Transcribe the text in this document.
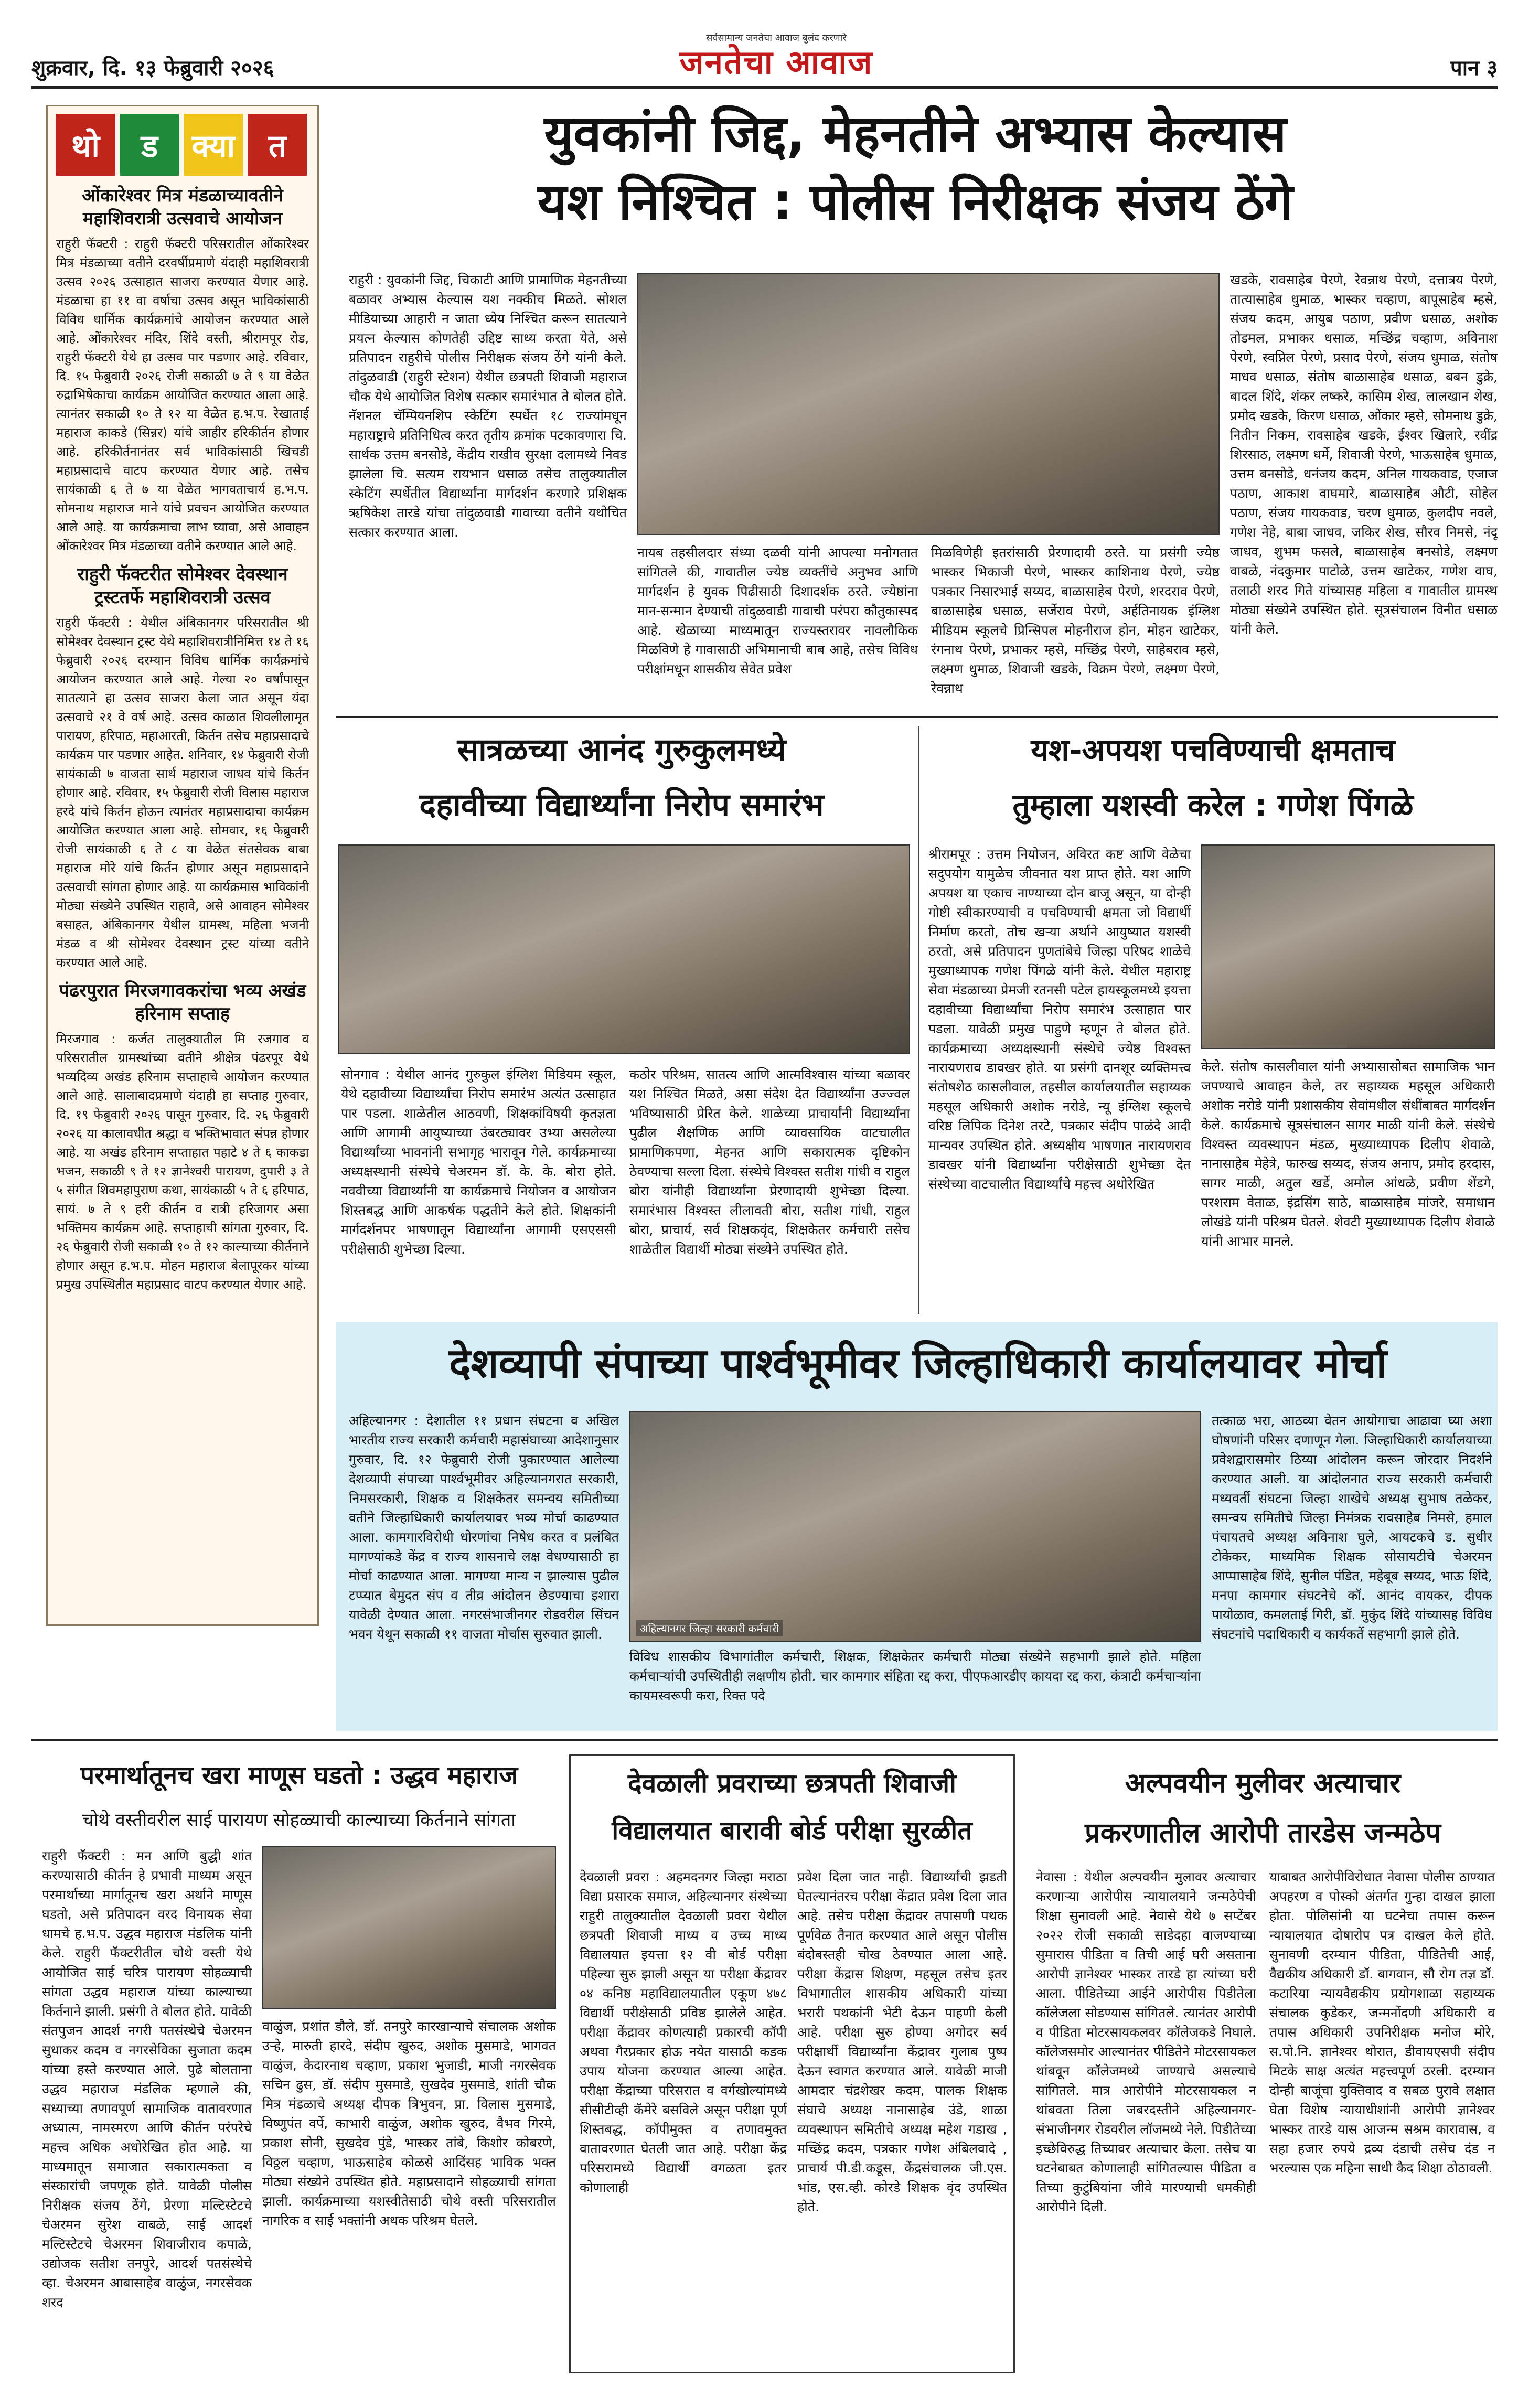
शुक्रवार, दि. १३ फेब्रुवारी २०२६
सर्वसामान्य जनतेचा आवाज बुलंद करणारे
जनतेचा आवाज	पान ३
थो	ड	क्या	त
ओंकारेश्वर मित्र मंडळाच्यावतीने महाशिवरात्री उत्सवाचे आयोजन

राहुरी फॅक्टरी : राहुरी फॅक्टरी परिसरातील ओंकारेश्वर मित्र मंडळाच्या वतीने दरवर्षीप्रमाणे यंदाही महाशिवरात्री उत्सव २०२६ उत्साहात साजरा करण्यात येणार आहे. मंडळाचा हा ११ वा वर्षाचा उत्सव असून भाविकांसाठी विविध धार्मिक कार्यक्रमांचे आयोजन करण्यात आले आहे. ओंकारेश्वर मंदिर, शिंदे वस्ती, श्रीरामपूर रोड, राहुरी फॅक्टरी येथे हा उत्सव पार पडणार आहे. रविवार, दि. १५ फेब्रुवारी २०२६ रोजी सकाळी ७ ते ९ या वेळेत रुद्राभिषेकाचा कार्यक्रम आयोजित करण्यात आला आहे. त्यानंतर सकाळी १० ते १२ या वेळेत ह.भ.प. रेखाताई महाराज काकडे (सिन्नर) यांचे जाहीर हरिकीर्तन होणार आहे. हरिकीर्तनानंतर सर्व भाविकांसाठी खिचडी महाप्रसादाचे वाटप करण्यात येणार आहे. तसेच सायंकाळी ६ ते ७ या वेळेत भागवताचार्य ह.भ.प. सोमनाथ महाराज माने यांचे प्रवचन आयोजित करण्यात आले आहे. या कार्यक्रमाचा लाभ घ्यावा, असे आवाहन ओंकारेश्वर मित्र मंडळाच्या वतीने करण्यात आले आहे.

राहुरी फॅक्टरीत सोमेश्वर देवस्थान ट्रस्टतर्फे महाशिवरात्री उत्सव

राहुरी फॅक्टरी : येथील अंबिकानगर परिसरातील श्री सोमेश्वर देवस्थान ट्रस्ट येथे महाशिवरात्रीनिमित्त १४ ते १६ फेब्रुवारी २०२६ दरम्यान विविध धार्मिक कार्यक्रमांचे आयोजन करण्यात आले आहे. गेल्या २० वर्षांपासून सातत्याने हा उत्सव साजरा केला जात असून यंदा उत्सवाचे २१ वे वर्ष आहे. उत्सव काळात शिवलीलामृत पारायण, हरिपाठ, महाआरती, किर्तन तसेच महाप्रसादाचे कार्यक्रम पार पडणार आहेत. शनिवार, १४ फेब्रुवारी रोजी सायंकाळी ७ वाजता सार्थ महाराज जाधव यांचे किर्तन होणार आहे. रविवार, १५ फेब्रुवारी रोजी विलास महाराज हरदे यांचे किर्तन होऊन त्यानंतर महाप्रसादाचा कार्यक्रम आयोजित करण्यात आला आहे. सोमवार, १६ फेब्रुवारी रोजी सायंकाळी ६ ते ८ या वेळेत संतसेवक बाबा महाराज मोरे यांचे किर्तन होणार असून महाप्रसादाने उत्सवाची सांगता होणार आहे. या कार्यक्रमास भाविकांनी मोठ्या संख्येने उपस्थित राहावे, असे आवाहन सोमेश्वर बसाहत, अंबिकानगर येथील ग्रामस्थ, महिला भजनी मंडळ व श्री सोमेश्वर देवस्थान ट्रस्ट यांच्या वतीने करण्यात आले आहे.

पंढरपुरात मिरजगावकरांचा भव्य अखंड हरिनाम सप्ताह

मिरजगाव : कर्जत तालुक्यातील मि रजगाव व परिसरातील ग्रामस्थांच्या वतीने श्रीक्षेत्र पंढरपूर येथे भव्यदिव्य अखंड हरिनाम सप्ताहाचे आयोजन करण्यात आले आहे. सालाबादप्रमाणे यंदाही हा सप्ताह गुरुवार, दि. १९ फेब्रुवारी २०२६ पासून गुरुवार, दि. २६ फेब्रुवारी २०२६ या कालावधीत श्रद्धा व भक्तिभावात संपन्न होणार आहे. या अखंड हरिनाम सप्ताहात पहाटे ४ ते ६ काकडा भजन, सकाळी ९ ते १२ ज्ञानेश्वरी पारायण, दुपारी ३ ते ५ संगीत शिवमहापुराण कथा, सायंकाळी ५ ते ६ हरिपाठ, सायं. ७ ते ९ हरी कीर्तन व रात्री हरिजागर असा भक्तिमय कार्यक्रम आहे. सप्ताहाची सांगता गुरुवार, दि. २६ फेब्रुवारी रोजी सकाळी १० ते १२ काल्याच्या कीर्तनाने होणार असून ह.भ.प. मोहन महाराज बेलापूरकर यांच्या प्रमुख उपस्थितीत महाप्रसाद वाटप करण्यात येणार आहे.

युवकांनी जिद्द, मेहनतीने अभ्यास केल्यास
यश निश्चित : पोलीस निरीक्षक संजय ठेंगे
राहुरी : युवकांनी जिद्द, चिकाटी आणि प्रामाणिक मेहनतीच्या बळावर अभ्यास केल्यास यश नक्कीच मिळते. सोशल मीडियाच्या आहारी न जाता ध्येय निश्चित करून सातत्याने प्रयत्न केल्यास कोणतेही उद्दिष्ट साध्य करता येते, असे प्रतिपादन राहुरीचे पोलीस निरीक्षक संजय ठेंगे यांनी केले. तांदुळवाडी (राहुरी स्टेशन) येथील छत्रपती शिवाजी महाराज चौक येथे आयोजित विशेष सत्कार समारंभात ते बोलत होते. नॅशनल चॅम्पियनशिप स्केटिंग स्पर्धेत १८ राज्यांमधून महाराष्ट्राचे प्रतिनिधित्व करत तृतीय क्रमांक पटकावणारा चि. सार्थक उत्तम बनसोडे, केंद्रीय राखीव सुरक्षा दलामध्ये निवड झालेला चि. सत्यम रायभान धसाळ तसेच तालुक्यातील स्केटिंग स्पर्धेतील विद्यार्थ्यांना मार्गदर्शन करणारे प्रशिक्षक ऋषिकेश तारडे यांचा तांदुळवाडी गावाच्या वतीने यथोचित सत्कार करण्यात आला.
नायब तहसीलदार संध्या दळवी यांनी आपल्या मनोगतात सांगितले की, गावातील ज्येष्ठ व्यक्तींचे अनुभव आणि मार्गदर्शन हे युवक पिढीसाठी दिशादर्शक ठरते. ज्येष्ठांना मान-सन्मान देण्याची तांदुळवाडी गावाची परंपरा कौतुकास्पद आहे. खेळाच्या माध्यमातून राज्यस्तरावर नावलौकिक मिळविणे हे गावासाठी अभिमानाची बाब आहे, तसेच विविध परीक्षांमधून शासकीय सेवेत प्रवेश
मिळविणेही इतरांसाठी प्रेरणादायी ठरते. या प्रसंगी ज्येष्ठ भास्कर भिकाजी पेरणे, भास्कर काशिनाथ पेरणे, ज्येष्ठ पत्रकार निसारभाई सय्यद, बाळासाहेब पेरणे, शरदराव पेरणे, बाळासाहेब धसाळ, सर्जेराव पेरणे, अर्हतिनायक इंग्लिश मीडियम स्कूलचे प्रिन्सिपल मोहनीराज होन, मोहन खाटेकर, रंगनाथ पेरणे, प्रभाकर म्हसे, मच्छिंद्र पेरणे, साहेबराव म्हसे, लक्ष्मण धुमाळ, शिवाजी खडके, विक्रम पेरणे, लक्ष्मण पेरणे, रेवन्नाथ
खडके, रावसाहेब पेरणे, रेवन्नाथ पेरणे, दत्तात्रय पेरणे, तात्यासाहेब धुमाळ, भास्कर चव्हाण, बापूसाहेब म्हसे, संजय कदम, आयुब पठाण, प्रवीण धसाळ, अशोक तोडमल, प्रभाकर धसाळ, मच्छिंद्र चव्हाण, अविनाश पेरणे, स्वप्निल पेरणे, प्रसाद पेरणे, संजय धुमाळ, संतोष माधव धसाळ, संतोष बाळासाहेब धसाळ, बबन डुक्रे, बादल शिंदे, शंकर लष्करे, कासिम शेख, लालखान शेख, प्रमोद खडके, किरण धसाळ, ओंकार म्हसे, सोमनाथ डुक्रे, नितीन निकम, रावसाहेब खडके, ईश्वर खिलारे, रवींद्र शिरसाठ, लक्ष्मण धर्मे, शिवाजी पेरणे, भाऊसाहेब धुमाळ, उत्तम बनसोडे, धनंजय कदम, अनिल गायकवाड, एजाज पठाण, आकाश वाघमारे, बाळासाहेब औटी, सोहेल पठाण, संजय गायकवाड, चरण धुमाळ, कुलदीप नवले, गणेश नेहे, बाबा जाधव, जकिर शेख, सौरव निमसे, नंदू जाधव, शुभम फसले, बाळासाहेब बनसोडे, लक्ष्मण वाबळे, नंदकुमार पाटोळे, उत्तम खाटेकर, गणेश वाघ, तलाठी शरद गिते यांच्यासह महिला व गावातील ग्रामस्थ मोठ्या संख्येने उपस्थित होते. सूत्रसंचालन विनीत धसाळ यांनी केले.
सात्रळच्या आनंद गुरुकुलमध्ये
दहावीच्या विद्यार्थ्यांना निरोप समारंभ
सोनगाव : येथील आनंद गुरुकुल इंग्लिश मिडियम स्कूल, येथे दहावीच्या विद्यार्थ्यांचा निरोप समारंभ अत्यंत उत्साहात पार पडला. शाळेतील आठवणी, शिक्षकांविषयी कृतज्ञता आणि आगामी आयुष्याच्या उंबरठ्यावर उभ्या असलेल्या विद्यार्थ्यांच्या भावनांनी सभागृह भारावून गेले. कार्यक्रमाच्या अध्यक्षस्थानी संस्थेचे चेअरमन डॉ. के. के. बोरा होते. नववीच्या विद्यार्थ्यांनी या कार्यक्रमाचे नियोजन व आयोजन शिस्तबद्ध आणि आकर्षक पद्धतीने केले होते. शिक्षकांनी मार्गदर्शनपर भाषणातून विद्यार्थ्यांना आगामी एसएससी परीक्षेसाठी शुभेच्छा दिल्या.
कठोर परिश्रम, सातत्य आणि आत्मविश्वास यांच्या बळावर यश निश्चित मिळते, असा संदेश देत विद्यार्थ्यांना उज्ज्वल भविष्यासाठी प्रेरित केले. शाळेच्या प्राचार्यांनी विद्यार्थ्यांना पुढील शैक्षणिक आणि व्यावसायिक वाटचालीत प्रामाणिकपणा, मेहनत आणि सकारात्मक दृष्टिकोन ठेवण्याचा सल्ला दिला. संस्थेचे विश्वस्त सतीश गांधी व राहुल बोरा यांनीही विद्यार्थ्यांना प्रेरणादायी शुभेच्छा दिल्या. समारंभास विश्वस्त लीलावती बोरा, सतीश गांधी, राहुल बोरा, प्राचार्य, सर्व शिक्षकवृंद, शिक्षकेतर कर्मचारी तसेच शाळेतील विद्यार्थी मोठ्या संख्येने उपस्थित होते.
यश-अपयश पचविण्याची क्षमताच
तुम्हाला यशस्वी करेल : गणेश पिंगळे
श्रीरामपूर : उत्तम नियोजन, अविरत कष्ट आणि वेळेचा सदुपयोग यामुळेच जीवनात यश प्राप्त होते. यश आणि अपयश या एकाच नाण्याच्या दोन बाजू असून, या दोन्ही गोष्टी स्वीकारण्याची व पचविण्याची क्षमता जो विद्यार्थी निर्माण करतो, तोच खऱ्या अर्थाने आयुष्यात यशस्वी ठरतो, असे प्रतिपादन पुणतांबेचे जिल्हा परिषद शाळेचे मुख्याध्यापक गणेश पिंगळे यांनी केले. येथील महाराष्ट्र सेवा मंडळाच्या प्रेमजी रतनसी पटेल हायस्कूलमध्ये इयत्ता दहावीच्या विद्यार्थ्यांचा निरोप समारंभ उत्साहात पार पडला. यावेळी प्रमुख पाहुणे म्हणून ते बोलत होते. कार्यक्रमाच्या अध्यक्षस्थानी संस्थेचे ज्येष्ठ विश्वस्त नारायणराव डावखर होते. या प्रसंगी दानशूर व्यक्तिमत्त्व संतोषशेठ कासलीवाल, तहसील कार्यालयातील सहाय्यक महसूल अधिकारी अशोक नरोडे, न्यू इंग्लिश स्कूलचे वरिष्ठ लिपिक दिनेश तरटे, पत्रकार संदीप पाळंदे आदी मान्यवर उपस्थित होते. अध्यक्षीय भाषणात नारायणराव डावखर यांनी विद्यार्थ्यांना परीक्षेसाठी शुभेच्छा देत संस्थेच्या वाटचालीत विद्यार्थ्यांचे महत्त्व अधोरेखित
केले. संतोष कासलीवाल यांनी अभ्यासासोबत सामाजिक भान जपण्याचे आवाहन केले, तर सहाय्यक महसूल अधिकारी अशोक नरोडे यांनी प्रशासकीय सेवांमधील संधींबाबत मार्गदर्शन केले. कार्यक्रमाचे सूत्रसंचालन सागर माळी यांनी केले. संस्थेचे विश्वस्त व्यवस्थापन मंडळ, मुख्याध्यापक दिलीप शेवाळे, नानासाहेब मेहेत्रे, फारुख सय्यद, संजय अनाप, प्रमोद हरदास, सागर माळी, अतुल खर्डे, अमोल आंधळे, प्रवीण शेंडगे, परशराम वेताळ, इंद्रसिंग साठे, बाळासाहेब मांजरे, समाधान लोखंडे यांनी परिश्रम घेतले. शेवटी मुख्याध्यापक दिलीप शेवाळे यांनी आभार मानले.
देशव्यापी संपाच्या पार्श्वभूमीवर जिल्हाधिकारी कार्यालयावर मोर्चा
अहिल्यानगर : देशातील ११ प्रधान संघटना व अखिल भारतीय राज्य सरकारी कर्मचारी महासंघाच्या आदेशानुसार गुरुवार, दि. १२ फेब्रुवारी रोजी पुकारण्यात आलेल्या देशव्यापी संपाच्या पार्श्वभूमीवर अहिल्यानगरात सरकारी, निमसरकारी, शिक्षक व शिक्षकेतर समन्वय समितीच्या वतीने जिल्हाधिकारी कार्यालयावर भव्य मोर्चा काढण्यात आला. कामगारविरोधी धोरणांचा निषेध करत व प्रलंबित मागण्यांकडे केंद्र व राज्य शासनाचे लक्ष वेधण्यासाठी हा मोर्चा काढण्यात आला. मागण्या मान्य न झाल्यास पुढील टप्प्यात बेमुदत संप व तीव्र आंदोलन छेडण्याचा इशारा यावेळी देण्यात आला. नगरसंभाजीनगर रोडवरील सिंचन भवन येथून सकाळी ११ वाजता मोर्चास सुरुवात झाली.	अहिल्यानगर जिल्हा सरकारी कर्मचारी
विविध शासकीय विभागांतील कर्मचारी, शिक्षक, शिक्षकेतर कर्मचारी मोठ्या संख्येने सहभागी झाले होते. महिला कर्मचाऱ्यांची उपस्थितीही लक्षणीय होती. चार कामगार संहिता रद्द करा, पीएफआरडीए कायदा रद्द करा, कंत्राटी कर्मचाऱ्यांना कायमस्वरूपी करा, रिक्त पदे
तत्काळ भरा, आठव्या वेतन आयोगाचा आढावा घ्या अशा घोषणांनी परिसर दणाणून गेला. जिल्हाधिकारी कार्यालयाच्या प्रवेशद्वारासमोर ठिय्या आंदोलन करून जोरदार निदर्शने करण्यात आली. या आंदोलनात राज्य सरकारी कर्मचारी मध्यवर्ती संघटना जिल्हा शाखेचे अध्यक्ष सुभाष तळेकर, समन्वय समितीचे जिल्हा निमंत्रक रावसाहेब निमसे, हमाल पंचायतचे अध्यक्ष अविनाश घुले, आयटकचे ड. सुधीर टोकेकर, माध्यमिक शिक्षक सोसायटीचे चेअरमन आप्पासाहेब शिंदे, सुनील पंडित, महेबूब सय्यद, भाऊ शिंदे, मनपा कामगार संघटनेचे कॉ. आनंद वायकर, दीपक पायोळाव, कमलताई गिरी, डॉ. मुकुंद शिंदे यांच्यासह विविध संघटनांचे पदाधिकारी व कार्यकर्ते सहभागी झाले होते.
परमार्थातूनच खरा माणूस घडतो : उद्धव महाराज
चोथे वस्तीवरील साई पारायण सोहळ्याची काल्याच्या किर्तनाने सांगता
राहुरी फॅक्टरी : मन आणि बुद्धी शांत करण्यासाठी कीर्तन हे प्रभावी माध्यम असून परमार्थाच्या मार्गातूनच खरा अर्थाने माणूस घडतो, असे प्रतिपादन वरद विनायक सेवा धामचे ह.भ.प. उद्धव महाराज मंडलिक यांनी केले. राहुरी फॅक्टरीतील चोथे वस्ती येथे आयोजित साई चरित्र पारायण सोहळ्याची सांगता उद्धव महाराज यांच्या काल्याच्या किर्तनाने झाली. प्रसंगी ते बोलत होते. यावेळी संतपुजन आदर्श नगरी पतसंस्थेचे चेअरमन सुधाकर कदम व नगरसेविका सुजाता कदम यांच्या हस्ते करण्यात आले. पुढे बोलताना उद्धव महाराज मंडलिक म्हणाले की, सध्याच्या तणावपूर्ण सामाजिक वातावरणात अध्यात्म, नामस्मरण आणि कीर्तन परंपरेचे महत्त्व अधिक अधोरेखित होत आहे. या माध्यमातून समाजात सकारात्मकता व संस्कारांची जपणूक होते. यावेळी पोलीस निरीक्षक संजय ठेंगे, प्रेरणा मल्टिस्टेटचे चेअरमन सुरेश वाबळे, साई आदर्श मल्टिस्टेटचे चेअरमन शिवाजीराव कपाळे, उद्योजक सतीश तनपुरे, आदर्श पतसंस्थेचे व्हा. चेअरमन आबासाहेब वाळुंज, नगरसेवक शरद
वाळुंज, प्रशांत डौले, डॉ. तनपुरे कारखान्याचे संचालक अशोक उऱ्हे, मारुती हारदे, संदीप खुरुद, अशोक मुसमाडे, भागवत वाळुंज, केदारनाथ चव्हाण, प्रकाश भुजाडी, माजी नगरसेवक सचिन ढुस, डॉ. संदीप मुसमाडे, सुखदेव मुसमाडे, शांती चौक मित्र मंडळाचे अध्यक्ष दीपक त्रिभुवन, प्रा. विलास मुसमाडे, विष्णुपंत वर्पे, काभारी वाळुंज, अशोक खुरुद, वैभव गिरमे, प्रकाश सोनी, सुखदेव पुंडे, भास्कर तांबे, किशोर कोबरणे, विठ्ठल चव्हाण, भाऊसाहेब कोळसे आदिंसह भाविक भक्त मोठ्या संख्येने उपस्थित होते. महाप्रसादाने सोहळ्याची सांगता झाली. कार्यक्रमाच्या यशस्वीतेसाठी चोथे वस्ती परिसरातील नागरिक व साई भक्तांनी अथक परिश्रम घेतले.
देवळाली प्रवराच्या छत्रपती शिवाजी
विद्यालयात बारावी बोर्ड परीक्षा सुरळीत
देवळाली प्रवरा : अहमदनगर जिल्हा मराठा विद्या प्रसारक समाज, अहिल्यानगर संस्थेच्या राहुरी तालुक्यातील देवळाली प्रवरा येथील छत्रपती शिवाजी माध्य व उच्च माध्य विद्यालयात इयत्ता १२ वी बोर्ड परीक्षा पहिल्या सुरु झाली असून या परीक्षा केंद्रावर ०४ कनिष्ठ महाविद्यालयातील एकूण ४७८ विद्यार्थी परीक्षेसाठी प्रविष्ठ झालेले आहेत. परीक्षा केंद्रावर कोणत्याही प्रकारची कॉपी अथवा गैरप्रकार होऊ नयेत यासाठी कडक उपाय योजना करण्यात आल्या आहेत. परीक्षा केंद्राच्या परिसरात व वर्गखोल्यांमध्ये सीसीटीव्ही कॅमेरे बसविले असून परीक्षा पूर्ण शिस्तबद्ध, कॉपीमुक्त व तणावमुक्त वातावरणात घेतली जात आहे. परीक्षा केंद्र परिसरामध्ये विद्यार्थी वगळता इतर कोणालाही
प्रवेश दिला जात नाही. विद्यार्थ्यांची झडती घेतल्यानंतरच परीक्षा केंद्रात प्रवेश दिला जात आहे. तसेच परीक्षा केंद्रावर तपासणी पथक पूर्णवेळ तैनात करण्यात आले असून पोलीस बंदोबस्तही चोख ठेवण्यात आला आहे. परीक्षा केंद्रास शिक्षण, महसूल तसेच इतर विभागातील शासकीय अधिकारी यांच्या भरारी पथकांनी भेटी देऊन पाहणी केली आहे. परीक्षा सुरु होण्या अगोदर सर्व परीक्षार्थी विद्यार्थ्यांना केंद्रावर गुलाब पुष्प देऊन स्वागत करण्यात आले. यावेळी माजी आमदार चंद्रशेखर कदम, पालक शिक्षक संघाचे अध्यक्ष नानासाहेब उंडे, शाळा व्यवस्थापन समितीचे अध्यक्ष महेश गडाख , मच्छिंद्र कदम, पत्रकार गणेश अंबिलवादे , प्राचार्य पी.डी.कडूस, केंद्रसंचालक जी.एस. भांड, एस.व्ही. कोरडे शिक्षक वृंद उपस्थित होते.
अल्पवयीन मुलीवर अत्याचार
प्रकरणातील आरोपी तारडेस जन्मठेप
नेवासा : येथील अल्पवयीन मुलावर अत्याचार करणाऱ्या आरोपीस न्यायालयाने जन्मठेपेची शिक्षा सुनावली आहे. नेवासे येथे ७ सप्टेंबर २०२२ रोजी सकाळी साडेदहा वाजण्याच्या सुमारास पीडिता व तिची आई घरी असताना आरोपी ज्ञानेश्वर भास्कर तारडे हा त्यांच्या घरी आला. पीडितेच्या आईने आरोपीस पिडीतेला कॉलेजला सोडण्यास सांगितले. त्यानंतर आरोपी व पीडिता मोटरसायकलवर कॉलेजकडे निघाले. कॉलेजसमोर आल्यानंतर पीडितेने मोटरसायकल थांबवून कॉलेजमध्ये जाण्याचे असल्याचे सांगितले. मात्र आरोपीने मोटरसायकल न थांबवता तिला जबरदस्तीने अहिल्यानगर-संभाजीनगर रोडवरील लॉजमध्ये नेले. पिडीतेच्या इच्छेविरुद्ध तिच्यावर अत्याचार केला. तसेच या घटनेबाबत कोणालाही सांगितल्यास पीडिता व तिच्या कुटुंबियांना जीवे मारण्याची धमकीही आरोपीने दिली.
याबाबत आरोपीविरोधात नेवासा पोलीस ठाण्यात अपहरण व पोस्को अंतर्गत गुन्हा दाखल झाला होता. पोलिसांनी या घटनेचा तपास करून न्यायालयात दोषारोप पत्र दाखल केले होते. सुनावणी दरम्यान पीडिता, पीडितेची आई, वैद्यकीय अधिकारी डॉ. बागवान, सौ रोग तज्ञ डॉ. कटारिया न्यायवैद्यकीय प्रयोगशाळा सहाय्यक संचालक कुडेकर, जन्मनोंदणी अधिकारी व तपास अधिकारी उपनिरीक्षक मनोज मोरे, स.पो.नि. ज्ञानेश्वर थोरात, डीवायएसपी संदीप मिटके साक्ष अत्यंत महत्त्वपूर्ण ठरली. दरम्यान दोन्ही बाजूंचा युक्तिवाद व सबळ पुरावे लक्षात घेता विशेष न्यायाधीशांनी आरोपी ज्ञानेश्वर भास्कर तारडे यास आजन्म सश्रम कारावास, व सहा हजार रुपये द्रव्य दंडाची तसेच दंड न भरल्यास एक महिना साधी कैद शिक्षा ठोठावली.
